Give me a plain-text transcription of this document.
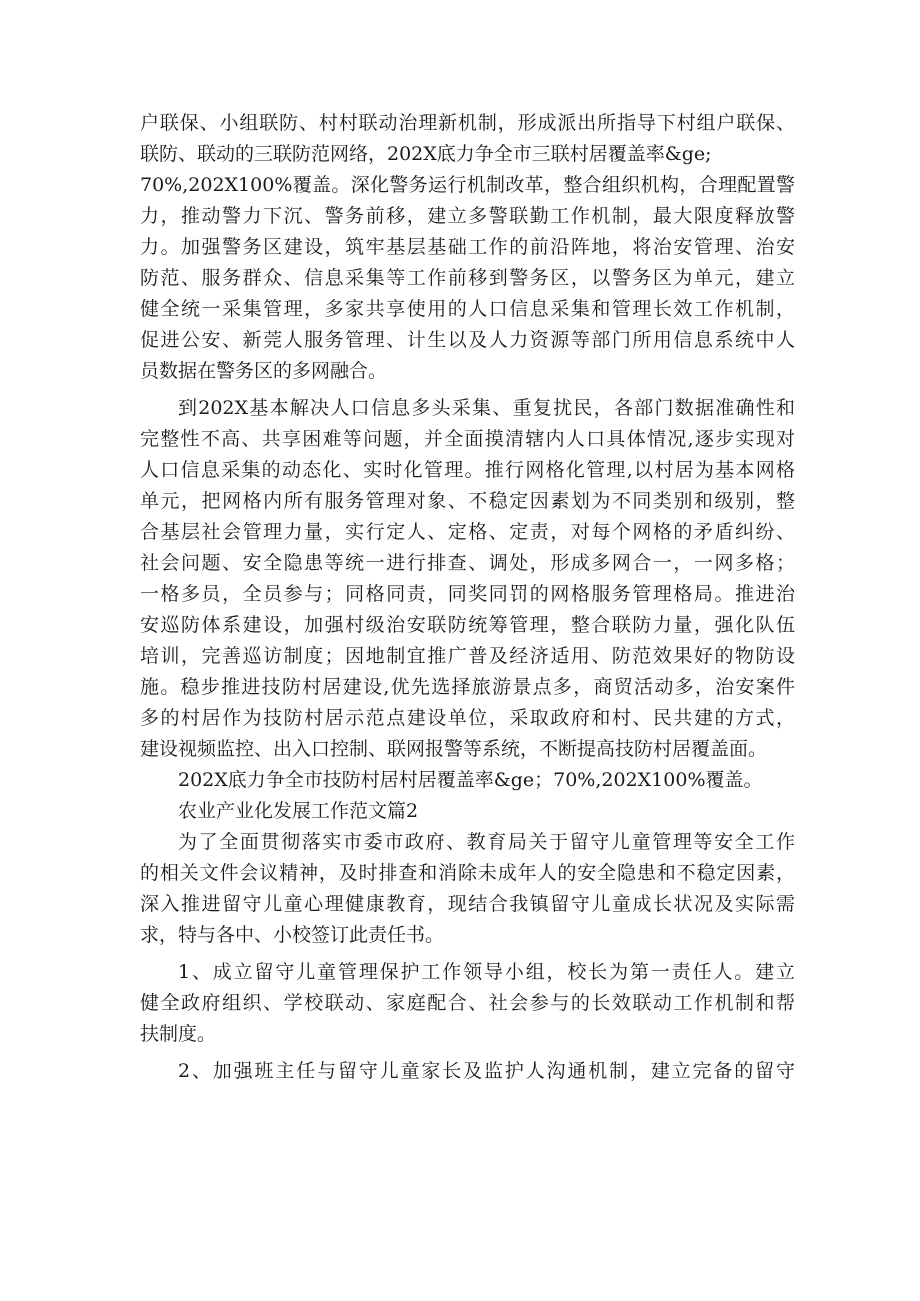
户联保、小组联防、村村联动治理新机制，形成派出所指导下村组户联保、
联防、联动的三联防范网络，202X底力争全市三联村居覆盖率&ge;
70%,202X100%覆盖。深化警务运行机制改革，整合组织机构，合理配置警
力，推动警力下沉、警务前移，建立多警联勤工作机制，最大限度释放警
力。加强警务区建设，筑牢基层基础工作的前沿阵地，将治安管理、治安
防范、服务群众、信息采集等工作前移到警务区，以警务区为单元，建立
健全统一采集管理，多家共享使用的人口信息采集和管理长效工作机制，
促进公安、新莞人服务管理、计生以及人力资源等部门所用信息系统中人
员数据在警务区的多网融合。
到202X基本解决人口信息多头采集、重复扰民，各部门数据准确性和
完整性不高、共享困难等问题，并全面摸清辖内人口具体情况,逐步实现对
人口信息采集的动态化、实时化管理。推行网格化管理,以村居为基本网格
单元，把网格内所有服务管理对象、不稳定因素划为不同类别和级别，整
合基层社会管理力量，实行定人、定格、定责，对每个网格的矛盾纠纷、
社会问题、安全隐患等统一进行排查、调处，形成多网合一，一网多格；
一格多员，全员参与；同格同责，同奖同罚的网格服务管理格局。推进治
安巡防体系建设，加强村级治安联防统筹管理，整合联防力量，强化队伍
培训，完善巡访制度；因地制宜推广普及经济适用、防范效果好的物防设
施。稳步推进技防村居建设,优先选择旅游景点多，商贸活动多，治安案件
多的村居作为技防村居示范点建设单位，采取政府和村、民共建的方式，
建设视频监控、出入口控制、联网报警等系统，不断提高技防村居覆盖面。
202X底力争全市技防村居村居覆盖率&ge；70%,202X100%覆盖。
农业产业化发展工作范文篇2
为了全面贯彻落实市委市政府、教育局关于留守儿童管理等安全工作
的相关文件会议精神，及时排查和消除未成年人的安全隐患和不稳定因素，
深入推进留守儿童心理健康教育，现结合我镇留守儿童成长状况及实际需
求，特与各中、小校签订此责任书。
1、成立留守儿童管理保护工作领导小组，校长为第一责任人。建立
健全政府组织、学校联动、家庭配合、社会参与的长效联动工作机制和帮
扶制度。
2、加强班主任与留守儿童家长及监护人沟通机制，建立完备的留守
